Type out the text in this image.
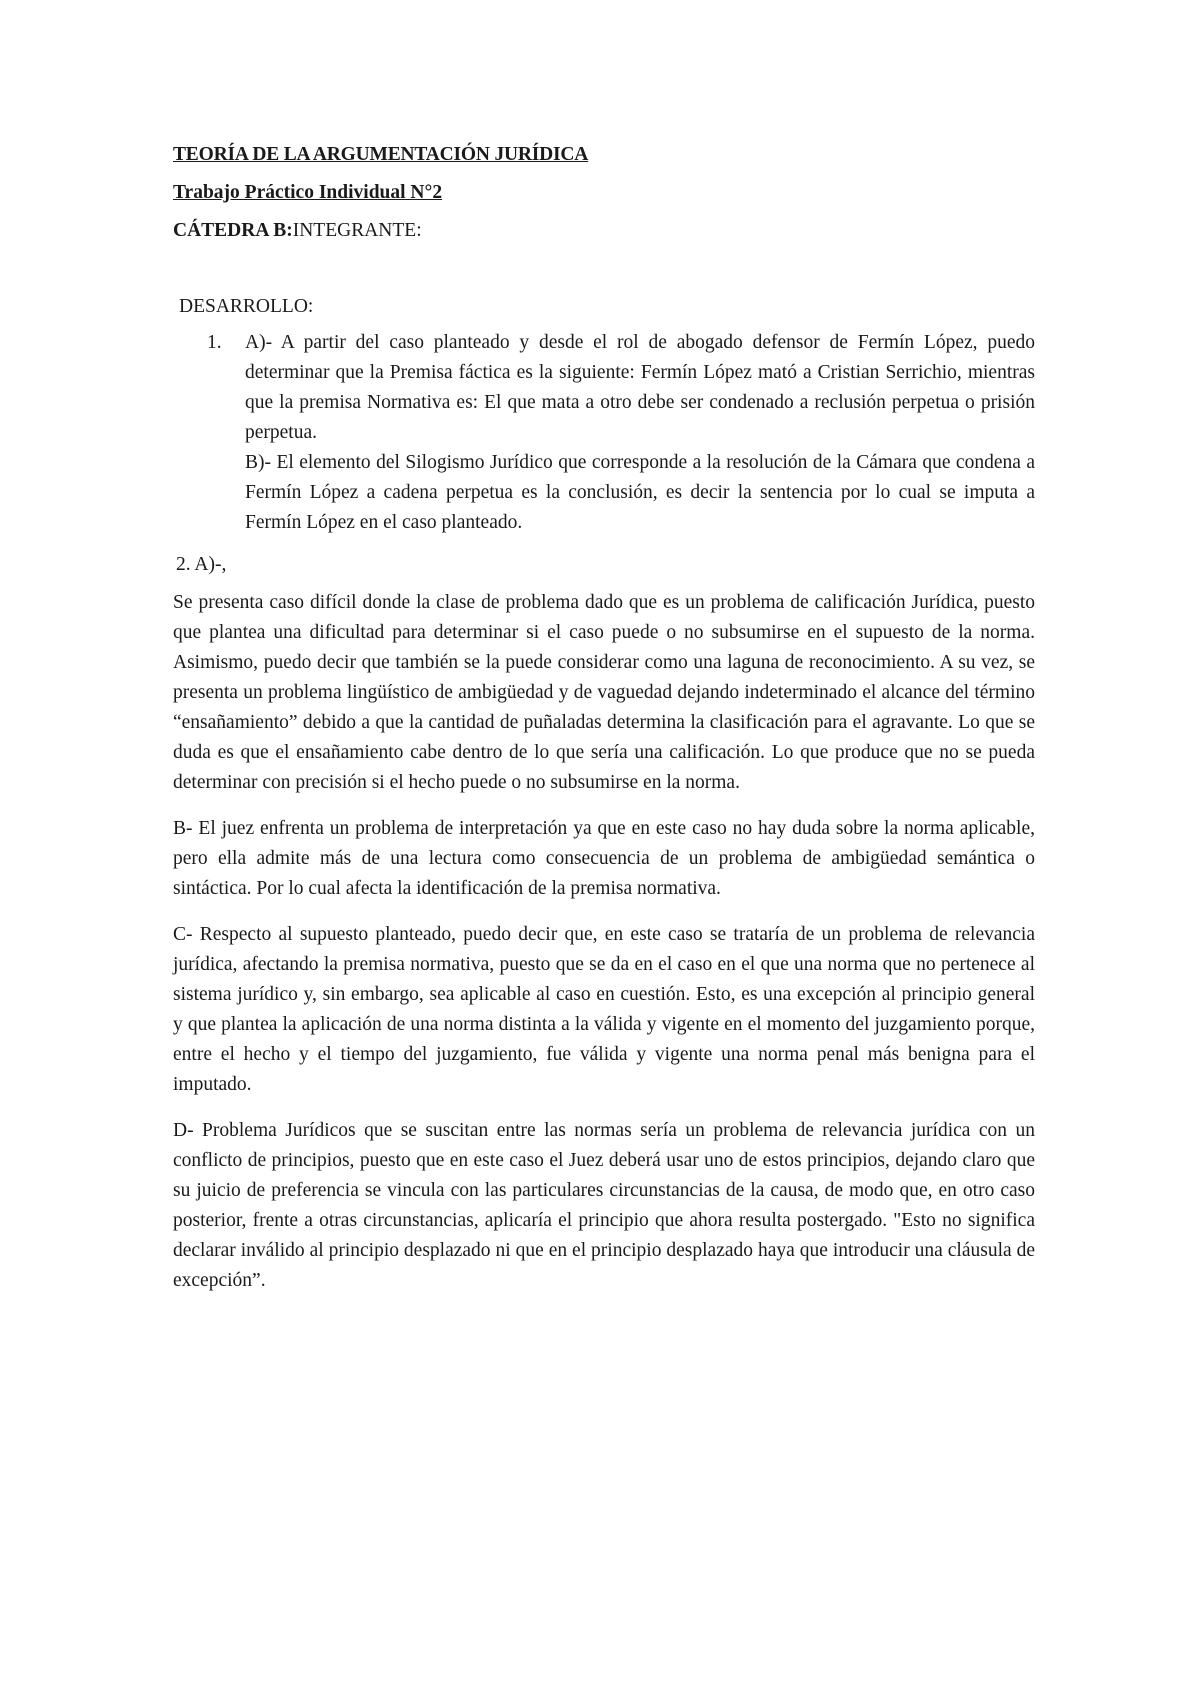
TEORÍA DE LA ARGUMENTACIÓN JURÍDICA

Trabajo Práctico Individual N°2

CÁTEDRA B:INTEGRANTE:

DESARROLLO:

1. A)- A partir del caso planteado y desde el rol de abogado defensor de Fermín López, puedo determinar que la Premisa fáctica es la siguiente: Fermín López mató a Cristian Serrichio, mientras que la premisa Normativa es: El que mata a otro debe ser condenado a reclusión perpetua o prisión perpetua.

B)- El elemento del Silogismo Jurídico que corresponde a la resolución de la Cámara que condena a Fermín López a cadena perpetua es la conclusión, es decir la sentencia por lo cual se imputa a Fermín López en el caso planteado.

2. A)-,

Se presenta caso difícil donde la clase de problema dado que es un problema de calificación Jurídica, puesto que plantea una dificultad para determinar si el caso puede o no subsumirse en el supuesto de la norma. Asimismo, puedo decir que también se la puede considerar como una laguna de reconocimiento. A su vez, se presenta un problema lingüístico de ambigüedad y de vaguedad dejando indeterminado el alcance del término “ensañamiento” debido a que la cantidad de puñaladas determina la clasificación para el agravante. Lo que se duda es que el ensañamiento cabe dentro de lo que sería una calificación. Lo que produce que no se pueda determinar con precisión si el hecho puede o no subsumirse en la norma.

B- El juez enfrenta un problema de interpretación ya que en este caso no hay duda sobre la norma aplicable, pero ella admite más de una lectura como consecuencia de un problema de ambigüedad semántica o sintáctica. Por lo cual afecta la identificación de la premisa normativa.

C- Respecto al supuesto planteado, puedo decir que, en este caso se trataría de un problema de relevancia jurídica, afectando la premisa normativa, puesto que se da en el caso en el que una norma que no pertenece al sistema jurídico y, sin embargo, sea aplicable al caso en cuestión. Esto, es una excepción al principio general y que plantea la aplicación de una norma distinta a la válida y vigente en el momento del juzgamiento porque, entre el hecho y el tiempo del juzgamiento, fue válida y vigente una norma penal más benigna para el imputado.

D- Problema Jurídicos que se suscitan entre las normas sería un problema de relevancia jurídica con un conflicto de principios, puesto que en este caso el Juez deberá usar uno de estos principios, dejando claro que su juicio de preferencia se vincula con las particulares circunstancias de la causa, de modo que, en otro caso posterior, frente a otras circunstancias, aplicaría el principio que ahora resulta postergado. "Esto no significa declarar inválido al principio desplazado ni que en el principio desplazado haya que introducir una cláusula de excepción”.
